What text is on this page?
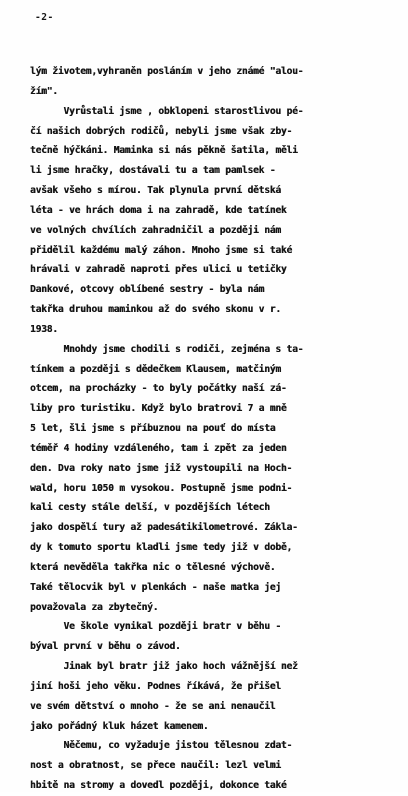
-2-
lým životem,vyhraněn posláním v jeho známé "alou-
žím".
Vyrůstali jsme , obklopeni starostlivou pé-
čí našich dobrých rodičů, nebyli jsme však zby-
tečně hýčkáni. Maminka si nás pěkně šatila, měli
li jsme hračky, dostávali tu a tam pamlsek -
avšak všeho s mírou. Tak plynula první dětská
léta - ve hrách doma i na zahradě, kde tatínek
ve volných chvílích zahradničil a později nám
přidělil každému malý záhon. Mnoho jsme si také
hrávali v zahradě naproti přes ulici u tetičky
Dankové, otcovy oblíbené sestry - byla nám
takřka druhou maminkou až do svého skonu v r.
1938.
Mnohdy jsme chodili s rodiči, zejména s ta-
tínkem a později s dědečkem Klausem, matčiným
otcem, na procházky - to byly počátky naší zá-
liby pro turistiku. Když bylo bratrovi 7 a mně
5 let, šli jsme s příbuznou na pouť do místa
téměř 4 hodiny vzdáleného, tam i zpět za jeden
den. Dva roky nato jsme již vystoupili na Hoch-
wald, horu 1050 m vysokou. Postupně jsme podni-
kali cesty stále delší, v pozdějších létech
jako dospělí tury až padesátikilometrové. Zákla-
dy k tomuto sportu kladli jsme tedy již v době,
která nevěděla takřka nic o tělesné výchově.
Také tělocvik byl v plenkách - naše matka jej
považovala za zbytečný.
Ve škole vynikal později bratr v běhu -
býval první v běhu o závod.
Jinak byl bratr již jako hoch vážnější než
jiní hoši jeho věku. Podnes říkává, že přišel
ve svém dětství o mnoho - že se ani nenaučil
jako pořádný kluk házet kamenem.
Něčemu, co vyžaduje jistou tělesnou zdat-
nost a obratnost, se přece naučil: lezl velmi
hbitě na stromy a dovedl později, dokonce také
